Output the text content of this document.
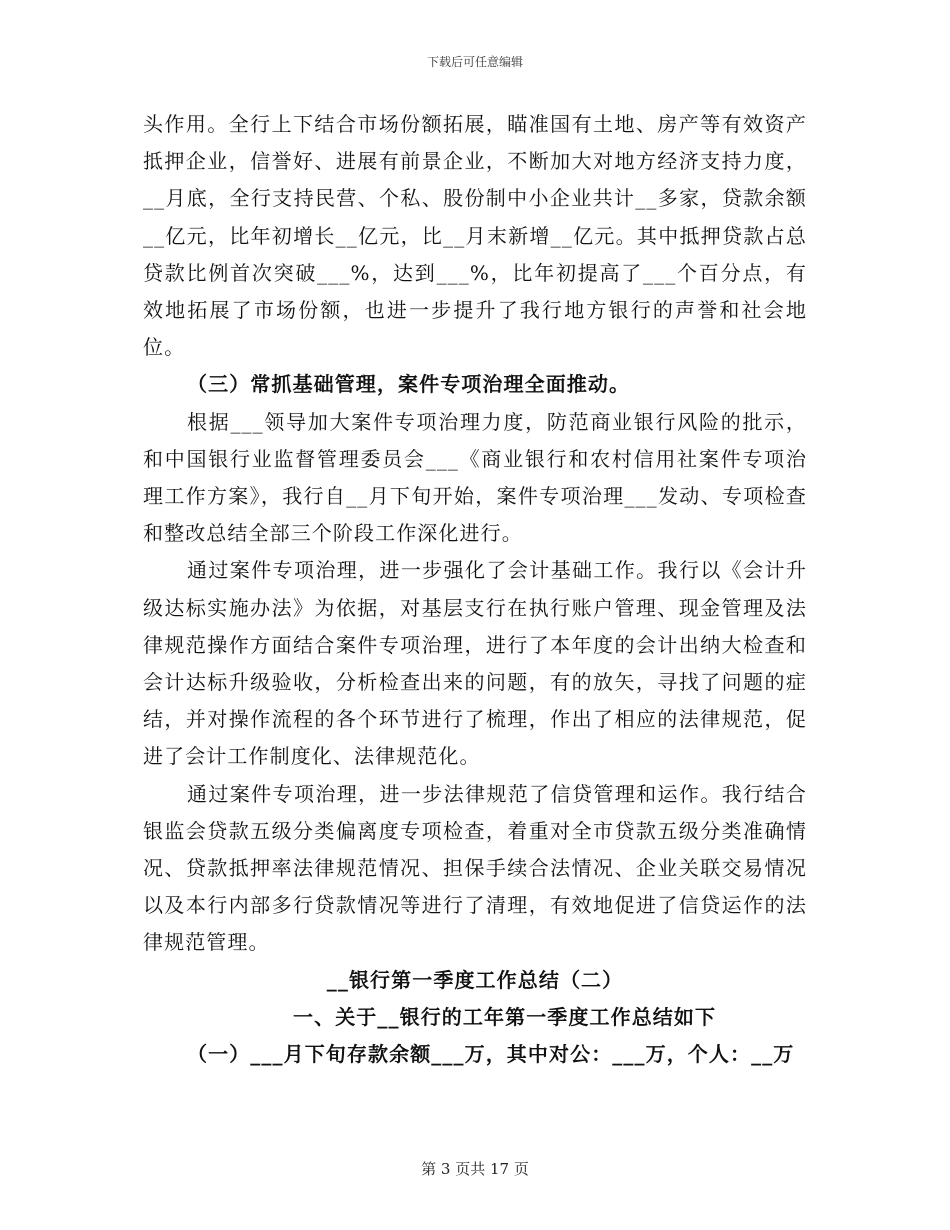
下载后可任意编辑

头作用。全行上下结合市场份额拓展，瞄准国有土地、房产等有效资产抵押企业，信誉好、进展有前景企业，不断加大对地方经济支持力度，__月底，全行支持民营、个私、股份制中小企业共计__多家，贷款余额__亿元，比年初增长__亿元，比__月末新增__亿元。其中抵押贷款占总贷款比例首次突破___%，达到___%，比年初提高了___个百分点，有效地拓展了市场份额，也进一步提升了我行地方银行的声誉和社会地位。

（三）常抓基础管理，案件专项治理全面推动。

根据___领导加大案件专项治理力度，防范商业银行风险的批示，和中国银行业监督管理委员会___《商业银行和农村信用社案件专项治理工作方案》，我行自__月下旬开始，案件专项治理___发动、专项检查和整改总结全部三个阶段工作深化进行。

通过案件专项治理，进一步强化了会计基础工作。我行以《会计升级达标实施办法》为依据，对基层支行在执行账户管理、现金管理及法律规范操作方面结合案件专项治理，进行了本年度的会计出纳大检查和会计达标升级验收，分析检查出来的问题，有的放矢，寻找了问题的症结，并对操作流程的各个环节进行了梳理，作出了相应的法律规范，促进了会计工作制度化、法律规范化。

通过案件专项治理，进一步法律规范了信贷管理和运作。我行结合银监会贷款五级分类偏离度专项检查，着重对全市贷款五级分类准确情况、贷款抵押率法律规范情况、担保手续合法情况、企业关联交易情况以及本行内部多行贷款情况等进行了清理，有效地促进了信贷运作的法律规范管理。

__银行第一季度工作总结（二）

一、关于__银行的工年第一季度工作总结如下

（一）___月下旬存款余额___万，其中对公：___万，个人：__万

第 3 页共 17 页
